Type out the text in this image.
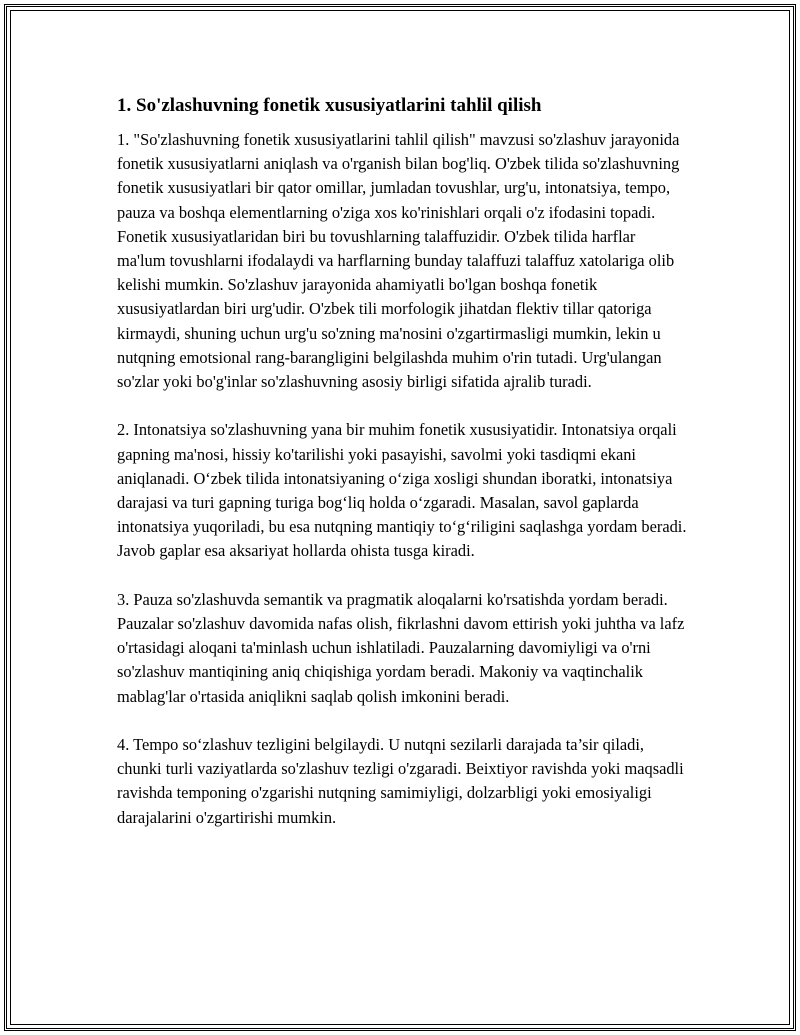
1. So'zlashuvning fonetik xususiyatlarini tahlil qilish

1. "So'zlashuvning fonetik xususiyatlarini tahlil qilish" mavzusi so'zlashuv jarayonida fonetik xususiyatlarni aniqlash va o'rganish bilan bog'liq. O'zbek tilida so'zlashuvning fonetik xususiyatlari bir qator omillar, jumladan tovushlar, urg'u, intonatsiya, tempo, pauza va boshqa elementlarning o'ziga xos ko'rinishlari orqali o'z ifodasini topadi. Fonetik xususiyatlaridan biri bu tovushlarning talaffuzidir. O'zbek tilida harflar ma'lum tovushlarni ifodalaydi va harflarning bunday talaffuzi talaffuz xatolariga olib kelishi mumkin. So'zlashuv jarayonida ahamiyatli bo'lgan boshqa fonetik xususiyatlardan biri urg'udir. O'zbek tili morfologik jihatdan flektiv tillar qatoriga kirmaydi, shuning uchun urg'u so'zning ma'nosini o'zgartirmasligi mumkin, lekin u nutqning emotsional rang-barangligini belgilashda muhim o'rin tutadi. Urg'ulangan so'zlar yoki bo'g'inlar so'zlashuvning asosiy birligi sifatida ajralib turadi.

2. Intonatsiya so'zlashuvning yana bir muhim fonetik xususiyatidir. Intonatsiya orqali gapning ma'nosi, hissiy ko'tarilishi yoki pasayishi, savolmi yoki tasdiqmi ekani aniqlanadi. O‘zbek tilida intonatsiyaning o‘ziga xosligi shundan iboratki, intonatsiya darajasi va turi gapning turiga bog‘liq holda o‘zgaradi. Masalan, savol gaplarda intonatsiya yuqoriladi, bu esa nutqning mantiqiy to‘g‘riligini saqlashga yordam beradi. Javob gaplar esa aksariyat hollarda ohista tusga kiradi.

3. Pauza so'zlashuvda semantik va pragmatik aloqalarni ko'rsatishda yordam beradi. Pauzalar so'zlashuv davomida nafas olish, fikrlashni davom ettirish yoki juhtha va lafz o'rtasidagi aloqani ta'minlash uchun ishlatiladi. Pauzalarning davomiyligi va o'rni so'zlashuv mantiqining aniq chiqishiga yordam beradi. Makoniy va vaqtinchalik mablag'lar o'rtasida aniqlikni saqlab qolish imkonini beradi.

4. Tempo so‘zlashuv tezligini belgilaydi. U nutqni sezilarli darajada ta’sir qiladi, chunki turli vaziyatlarda so'zlashuv tezligi o'zgaradi. Beixtiyor ravishda yoki maqsadli ravishda temponing o'zgarishi nutqning samimiyligi, dolzarbligi yoki emosiyaligi darajalarini o'zgartirishi mumkin.
